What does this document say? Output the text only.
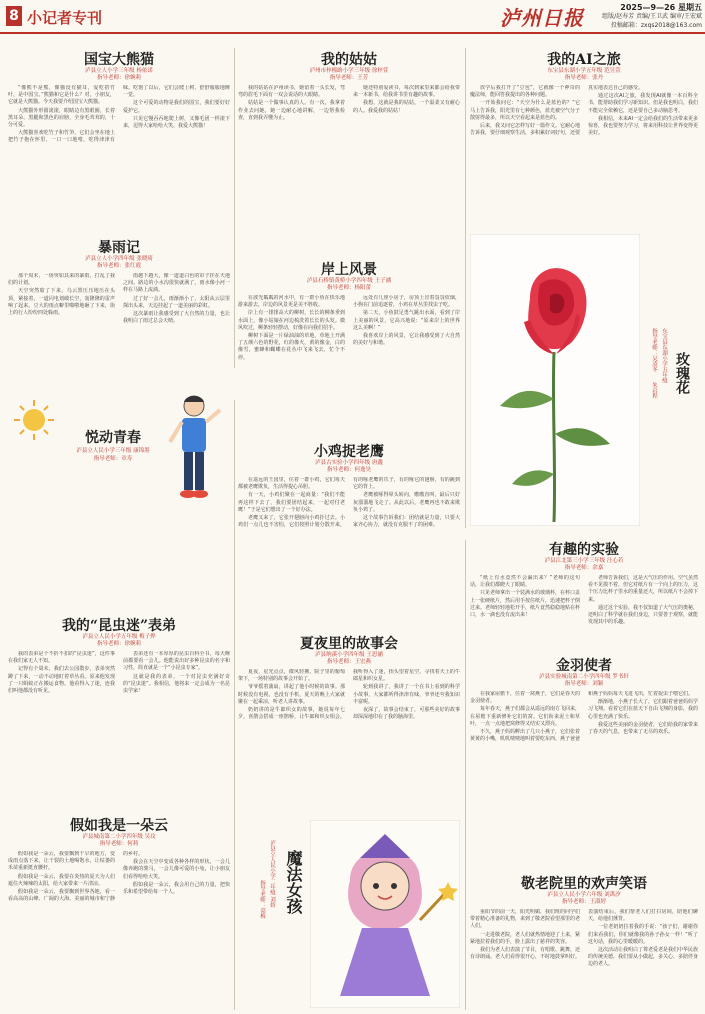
8 小记者专刊	泸州日报	2025—9—26 星期五
组版/赵寿芳 责编/王卫武 编审/王宏斌
投稿邮箱：zxqs2018@163.com
国宝大熊猫
泸县立人小学三年级 杨依诺
指导老师：徐婉莉

“像熊不是熊，像猫没有猫耳，爱吃搭竹叶，是中国宝。”熊猫和它是什么？对，小朋友，它就是大熊猫。今天我要介绍国宝大熊猫。

大熊猫外形圆滚滚，眼睛边有黑眼圈，长着黑耳朵、黑腿和黑色的肩膀，全身毛茸茸的，十分可爱。

大熊猫喜欢吃竹子和竹笋，它们会坐在地上把竹子抱在怀里，一口一口地啃，吃得津津有味。吃饱了以后，它们会爬上树，舒舒服服地睡一觉。

这个可爱的动物是我们的国宝，我们要好好爱护它。

只见它慢吞吞地爬上树，又像毛团一样滚下来，逗得大家哈哈大笑。我爱大熊猫！

我的姑姑
泸州市梓橦路小学三年级 徐梓萱
指导老师：王芳

我的姑姑在泸州读书，她留着一头长发，弯弯的眉毛下面有一双会说话的大眼睛。

姑姑是一个做事认真的人。有一次，我拿着作业去问她，她一边耐心地讲解，一边帮我检查，直到我弄懂为止。

她还特别爱读书，每次到家里来都会给我带来一本新书，给我讲书里有趣的故事。

我想，这就是我的姑姑，一个温柔又有耐心的人。我爱我的姑姑！

我的AI之旅
东宝县东湖小学五年级 范昱萱
指导老师：张丹

放学后我打开了“豆包”，它就像一个神奇的魔法师，能回答我提出的各种问题。

一开始我问它：“天空为什么是蓝色的？”它马上告诉我，阳光里有七种颜色，蓝光被空气分子散射得最多，所以天空看起来是蓝色的。

后来，我又问它怎样写好一篇作文。它耐心地告诉我，要仔细观察生活，多积累好词好句，还要真实地表达自己的感受。

通过这次AI之旅，我发现AI就像一本百科全书，能帮助我们学习新知识。但是我也明白，我们不能完全依赖它，还是要自己多动脑思考。

我相信，未来AI一定会给我们的生活带来更多惊喜，我也要努力学习，将来用科技让世界变得更美好。

暴雨记
泸县立人小学四年级 张晓琦
指导老师：张红霞

那个周末，一场突如其来的暴雨，打乱了我们的计划。

天空突然暗了下来，乌云黑压压地压在头顶，紧接着，一道闪电划破长空，轰隆隆的雷声响了起来。豆大的雨点噼里啪啦地砸了下来，街上的行人纷纷四处躲雨。

雨越下越大，像一道道白色的帘子挂在天地之间。路边的小水沟很快就满了，雨水像小河一样在马路上流淌。

过了好一会儿，雨渐渐小了，太阳从云层里探出头来，天边挂起了一道美丽的彩虹。

这次暴雨让我感受到了大自然的力量，也让我明白了雨过总会天晴。

岸上风景
泸县石桥镇黄桥小学四年级 王子涵
指导老师：杨阳蕾

在波光粼粼的河水中，有一群小鱼在快乐地游来游去，岸边的风景更是美不胜收。

岸上有一排排高大的柳树，长长的柳条垂到水面上，像小姑娘在河边梳洗着长长的头发。微风吹过，柳条轻轻摆动，好像在向我们招手。

柳树下面是一片绿油油的草地，草地上开满了五颜六色的野花，红的像火，黄的像金，白的像雪，蜜蜂和蝴蝶在花丛中飞来飞去，忙个不停。

远处有几座小房子，房顶上冒着袅袅炊烟，小狗在门前追逐着，小鸡在草丛里找虫子吃。

第二天，小鱼鼓足勇气跳出水面，看到了岸上美丽的风景，它高兴地说：“原来岸上的世界这么美啊！”

我喜欢岸上的风景，它让我感受到了大自然的美好与和谐。

玫瑰花
东宝县东湖小学五年级
朱岩程
指导老师：吴凌冬
悦动青春
泸县立人民小学三年级 康锦墨
指导老师：章寿	小鸡捉老鹰
泸县古实验小学四年级 唐鑫
指导老师：何逸昊

在遥远的王国里，住着一群小鸡，它们每天都被老鹰欺负，生活得提心吊胆。

有一天，小鸡们聚在一起商量：“我们不能再这样下去了，我们要团结起来，一起对付老鹰！”于是它们想出了一个好办法。

老鹰又来了，它张开翅膀向小鸡扑过去。小鸡们一点儿也不害怕，它们按照计划分散开来，有的啄老鹰的爪子，有的啄它的翅膀，有的跳到它的背上。

老鹰被啄得晕头转向，嗷嗷直叫，最后只好灰溜溜地飞走了。从此以后，老鹰再也不敢来欺负小鸡了。

这个故事告诉我们：团结就是力量，只要大家齐心协力，就没有克服不了的困难。

有趣的实验
泸县江北第三小学三年级 汪心若
指导老师：余嘉

“纸上有水竟然不会漏出来？”老师的这句话，让我们都瞪大了眼睛。

只见老师拿出一个装满水的玻璃杯，在杯口盖上一张硬纸片，然后用手按住纸片，迅速把杯子倒过来。老师轻轻地松开手，纸片竟然稳稳地贴在杯口，水一滴也没有流出来！

老师告诉我们，这是大气压的作用。空气虽然看不见摸不着，但它对纸片有一个向上的压力，这个压力比杯子里水的重量还大，所以纸片不会掉下来。

通过这个实验，我不仅知道了大气压的奥秘，还明白了科学就在我们身边，只要善于观察，就能发现其中的乐趣。

我的“昆虫迷”表弟
泸县立人民小学五年级 梅子烨
指导老师：徐婉莉

我的表弟是个不折不扣的“昆虫迷”，这件事在我们家无人不知。

记得有个周末，我们去公园散步，表弟突然蹲了下来，一动不动地盯着草丛看。原来他发现了一只蚂蚁正在搬运食物。他看得入了迷，连我们叫他都没有听见。

表弟还有一本厚厚的昆虫百科全书，每天睡前都要看一会儿。他能说出好多种昆虫的名字和习性，简直就是一个“小昆虫专家”。

这就是我的表弟，一个对昆虫充满好奇的“昆虫迷”。我相信，他将来一定会成为一名昆虫学家！

夏夜里的故事会
泸县纳溪小学四年级 王思涵
指导老师：王宏燕

夏夜，星光点点，微风轻拂，院子里的葡萄架下，一场特别的故事会开始了。

爷爷摇着蒲扇，讲起了他小时候的故事。那时候没有电视，也没有手机，夏天的晚上大家就聚在一起乘凉，听老人讲故事。

奶奶讲的是牛郎织女的故事，她说每年七夕，喜鹊会搭成一座鹊桥，让牛郎和织女相会。我听得入了迷，抬头望着星空，寻找着天上的牛郎星和织女星。

轮到我讲了，我讲了一个在书上看到的科学小故事，大家都听得津津有味，爷爷还夸我知识丰富呢。

夜深了，故事会结束了，可那些美好的故事却深深地印在了我的脑海里。

金羽使者
泸县实验城南第二小学四年级 罗书轩
指导老师：刘颖

在我家屋檐下，住着一窝燕子，它们是春天的金羽使者。

每年春天，燕子们都会从遥远的南方飞回来，在屋檐下重新修补它们的窝。它们衔来泥土和草叶，一点一点地把窝修得又结实又漂亮。

不久，燕子妈妈孵出了几只小燕子，它们张着黄黄的小嘴，叽叽喳喳地叫着要吃东西。燕子爸爸和燕子妈妈每天飞进飞出，忙着捉虫子喂它们。

渐渐地，小燕子长大了，它们跟着爸爸妈妈学习飞翔。看着它们在蓝天下自由飞翔的身影，我的心里也充满了快乐。

我爱这些美丽的金羽使者，它们给我的家带来了春天的气息，也带来了无尽的欢乐。

假如我是一朵云
泸县城南第二小学四年级 吴玟
指导老师：何莉

假如我是一朵云，我要飘到干旱的地方，变成雨点落下来，让干裂的土地喝饱水，让枯萎的禾苗重新挺直腰杆。

假如我是一朵云，我要在炎热的夏天为人们遮住火辣辣的太阳，给大家带来一片清凉。

假如我是一朵云，我要飘到世界各地，看一看高高的山峰、广阔的大海、美丽的城市和宁静的乡村。

我会在天空中变成各种各样的形状，一会儿像奔跑的骏马，一会儿像可爱的小兔，让小朋友们看得哈哈大笑。

假如我是一朵云，我会用自己的力量，把快乐和希望带给每一个人。	魔法女孩
泸县立人民小学二年级 刘娇
指导老师：高梅	敬老院里的欢声笑语
泸县立人民小学六年级 刘禹汐
指导老师：王淑婷

重阳节的前一天，阳光明媚，我们班的同学们带着精心准备的礼物，来到了敬老院看望那里的老人们。

一走进敬老院，老人们就热情地迎了上来，紧紧地拉着我们的手，脸上露出了慈祥的笑容。

我们为老人们表演了节目，有唱歌、跳舞，还有诗朗诵。老人们看得很开心，不时地鼓掌叫好。表演结束后，我们帮老人们打扫房间，陪他们聊天，给他们捶背。

一位老奶奶拉着我的手说：“孩子们，谢谢你们来看我们，你们就像我的孙子孙女一样！”听了这句话，我的心里暖暖的。

这次活动让我明白了尊老爱老是我们中华民族的传统美德，我们要从小做起，多关心、多陪伴身边的老人。
